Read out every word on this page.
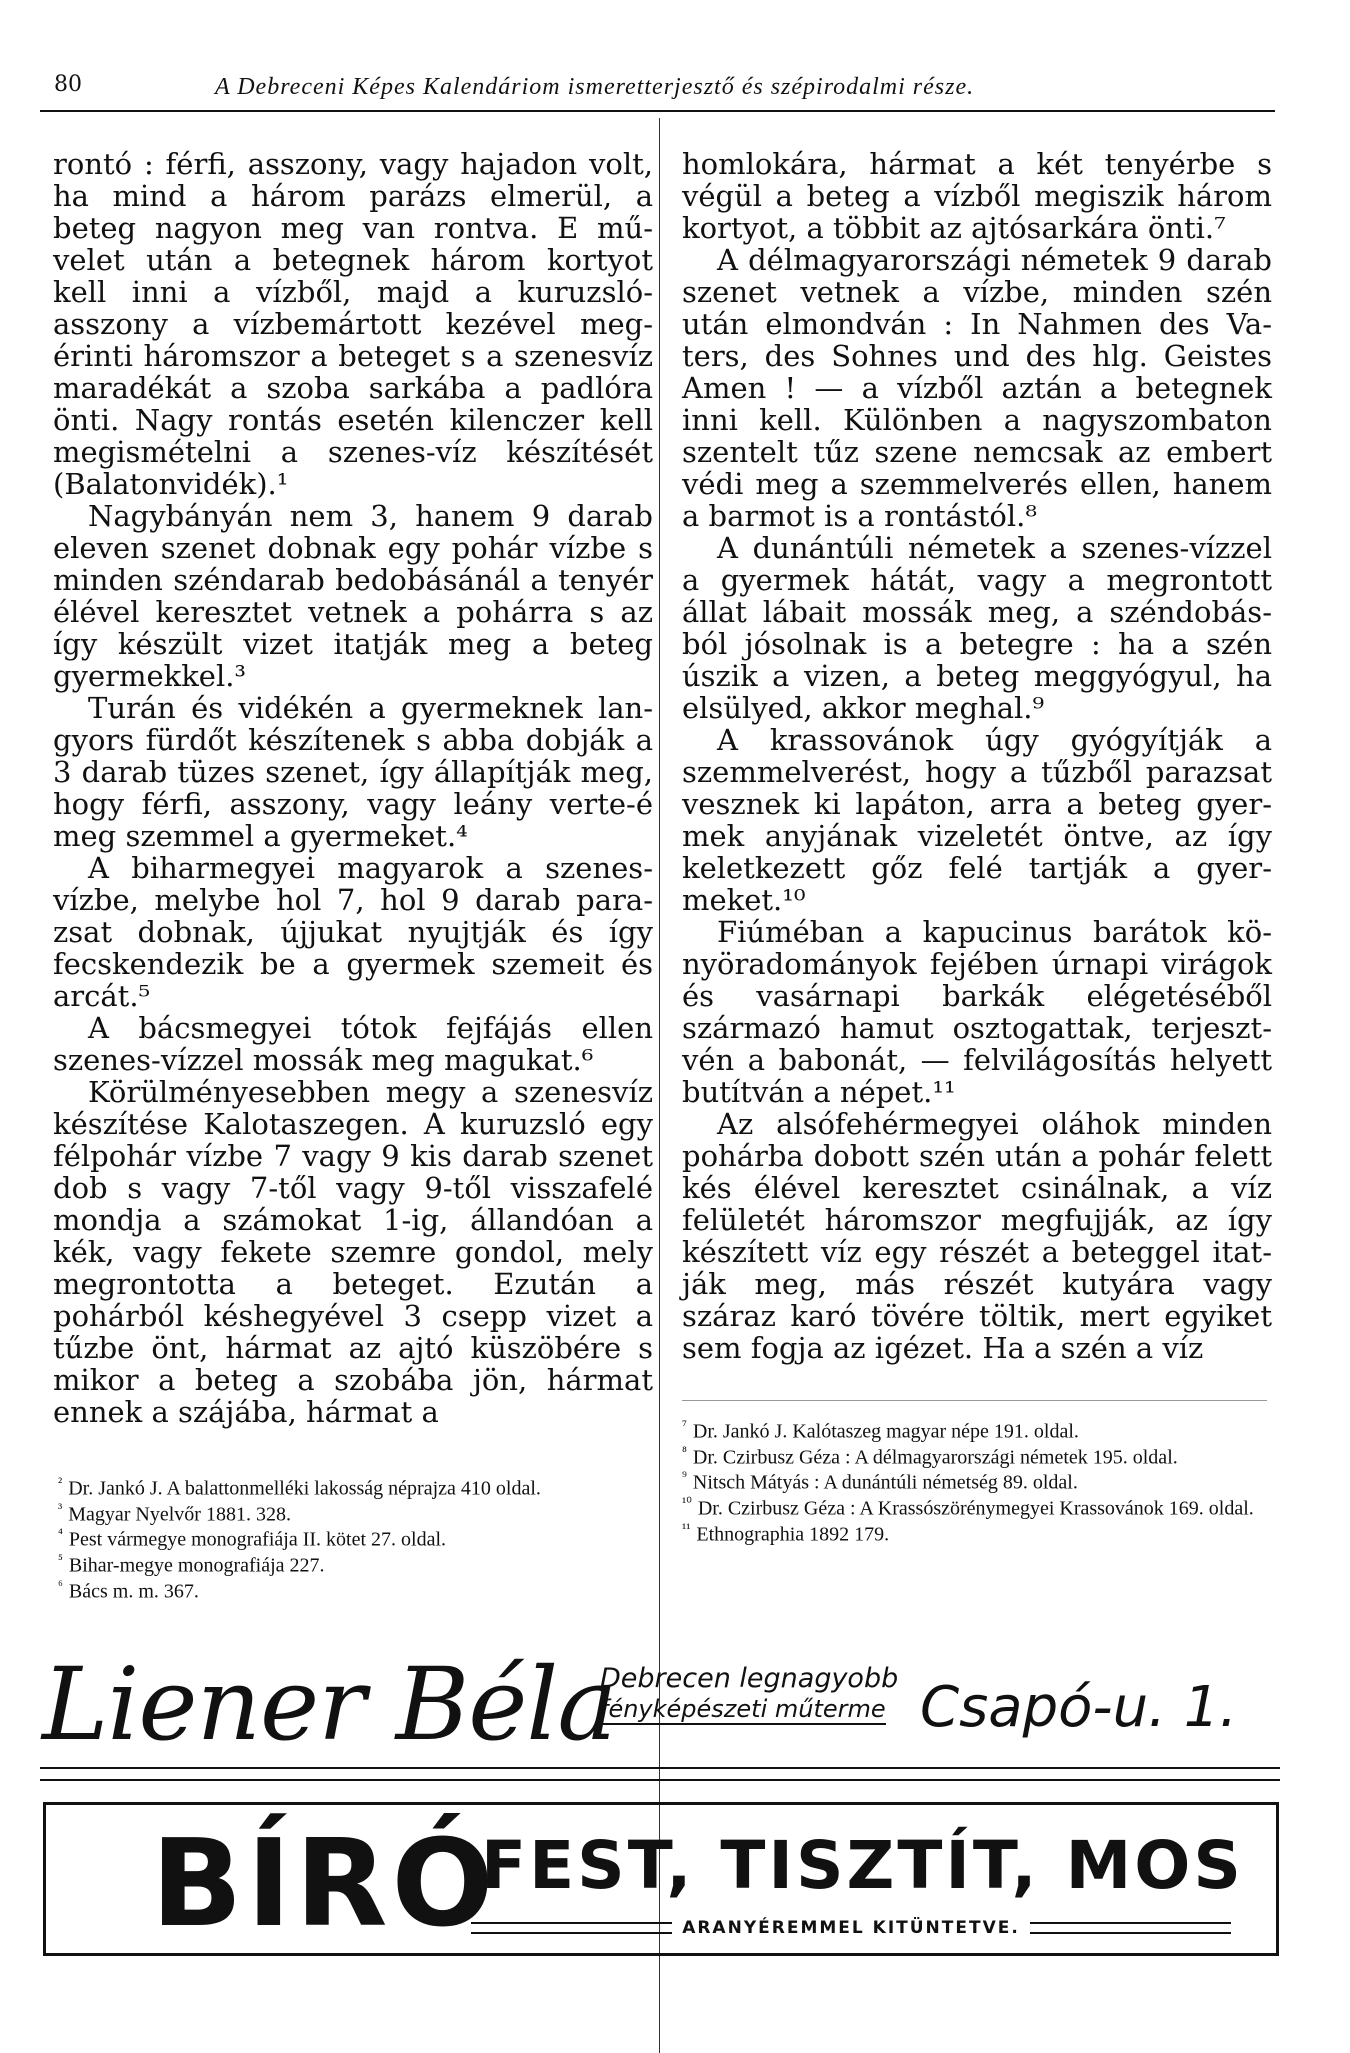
80	A Debreceni Képes Kalendáriom ismeretterjesztő és szépirodalmi része.

rontó : férfi, asszony, vagy hajadon volt, ha mind a három parázs elmerül, a beteg nagyon meg van rontva. E művelet után a betegnek három kortyot kell inni a vízből, majd a kuruzslóasszony a vízbemártott kezével megérinti háromszor a beteget s a szenesvíz maradékát a szoba sarkába a padlóra önti. Nagy rontás esetén kilenczer kell megismételni a szenes-víz készítését (Balatonvidék).¹

Nagybányán nem 3, hanem 9 darab eleven szenet dobnak egy pohár vízbe s minden széndarab bedobásánál a tenyér élével keresztet vetnek a pohárra s az így készült vizet itatják meg a beteg gyermekkel.³

Turán és vidékén a gyermeknek langyors fürdőt készítenek s abba dobják a 3 darab tüzes szenet, így állapítják meg, hogy férfi, asszony, vagy leány verte-é meg szemmel a gyermeket.⁴

A biharmegyei magyarok a szenesvízbe, melybe hol 7, hol 9 darab parazsat dobnak, újjukat nyujtják és így fecskendezik be a gyermek szemeit és arcát.⁵

A bácsmegyei tótok fejfájás ellen szenes-vízzel mossák meg magukat.⁶

Körülményesebben megy a szenesvíz készítése Kalotaszegen. A kuruzsló egy félpohár vízbe 7 vagy 9 kis darab szenet dob s vagy 7-től vagy 9-től visszafelé mondja a számokat 1-ig, állandóan a kék, vagy fekete szemre gondol, mely megrontotta a beteget. Ezután a pohárból késhegyével 3 csepp vizet a tűzbe önt, hármat az ajtó küszöbére s mikor a beteg a szobába jön, hármat ennek a szájába, hármat a

homlokára, hármat a két tenyérbe s végül a beteg a vízből megiszik három kortyot, a többit az ajtósarkára önti.⁷

A délmagyarországi németek 9 darab szenet vetnek a vízbe, minden szén után elmondván : In Nahmen des Vaters, des Sohnes und des hlg. Geistes Amen ! — a vízből aztán a betegnek inni kell. Különben a nagyszombaton szentelt tűz szene nemcsak az embert védi meg a szemmelverés ellen, hanem a barmot is a rontástól.⁸

A dunántúli németek a szenes-vízzel a gyermek hátát, vagy a megrontott állat lábait mossák meg, a széndobásból jósolnak is a betegre : ha a szén úszik a vizen, a beteg meggyógyul, ha elsülyed, akkor meghal.⁹

A krassovánok úgy gyógyítják a szemmelverést, hogy a tűzből parazsat vesznek ki lapáton, arra a beteg gyermek anyjának vizeletét öntve, az így keletkezett gőz felé tartják a gyermeket.¹⁰

Fiúméban a kapucinus barátok könyöradományok fejében úrnapi virágok és vasárnapi barkák elégetéséből származó hamut osztogattak, terjesztvén a babonát, — felvilágosítás helyett butítván a népet.¹¹

Az alsófehérmegyei oláhok minden pohárba dobott szén után a pohár felett kés élével keresztet csinálnak, a víz felületét háromszor megfujják, az így készített víz egy részét a beteggel itatják meg, más részét kutyára vagy száraz karó tövére töltik, mert egyiket sem fogja az igézet. Ha a szén a víz

$^{^2}$ Dr. Jankó J. A balattonmelléki lakosság néprajza 410 oldal.
$^{^3}$ Magyar Nyelvőr 1881. 328.
$^{^4}$ Pest vármegye monografiája II. kötet 27. oldal.
$^{^5}$ Bihar-megye monografiája 227.
$^{^6}$ Bács m. m. 367.
$^{^7}$ Dr. Jankó J. Kalótaszeg magyar népe 191. oldal.
$^{^8}$ Dr. Czirbusz Géza : A délmagyarországi németek 195. oldal.
$^{^9}$ Nitsch Mátyás : A dunántúli németség 89. oldal.
$^{^{10}}$ Dr. Czirbusz Géza : A Krassószörénymegyei Krassovánok 169. oldal.
$^{^{11}}$ Ethnographia 1892 179.
Liener Béla
Debrecen legnagyobb
fényképészeti műterme Csapó-u. 1.
BÍRÓ
FEST, TISZTÍT, MOS
ARANYÉREMMEL KITÜNTETVE.
